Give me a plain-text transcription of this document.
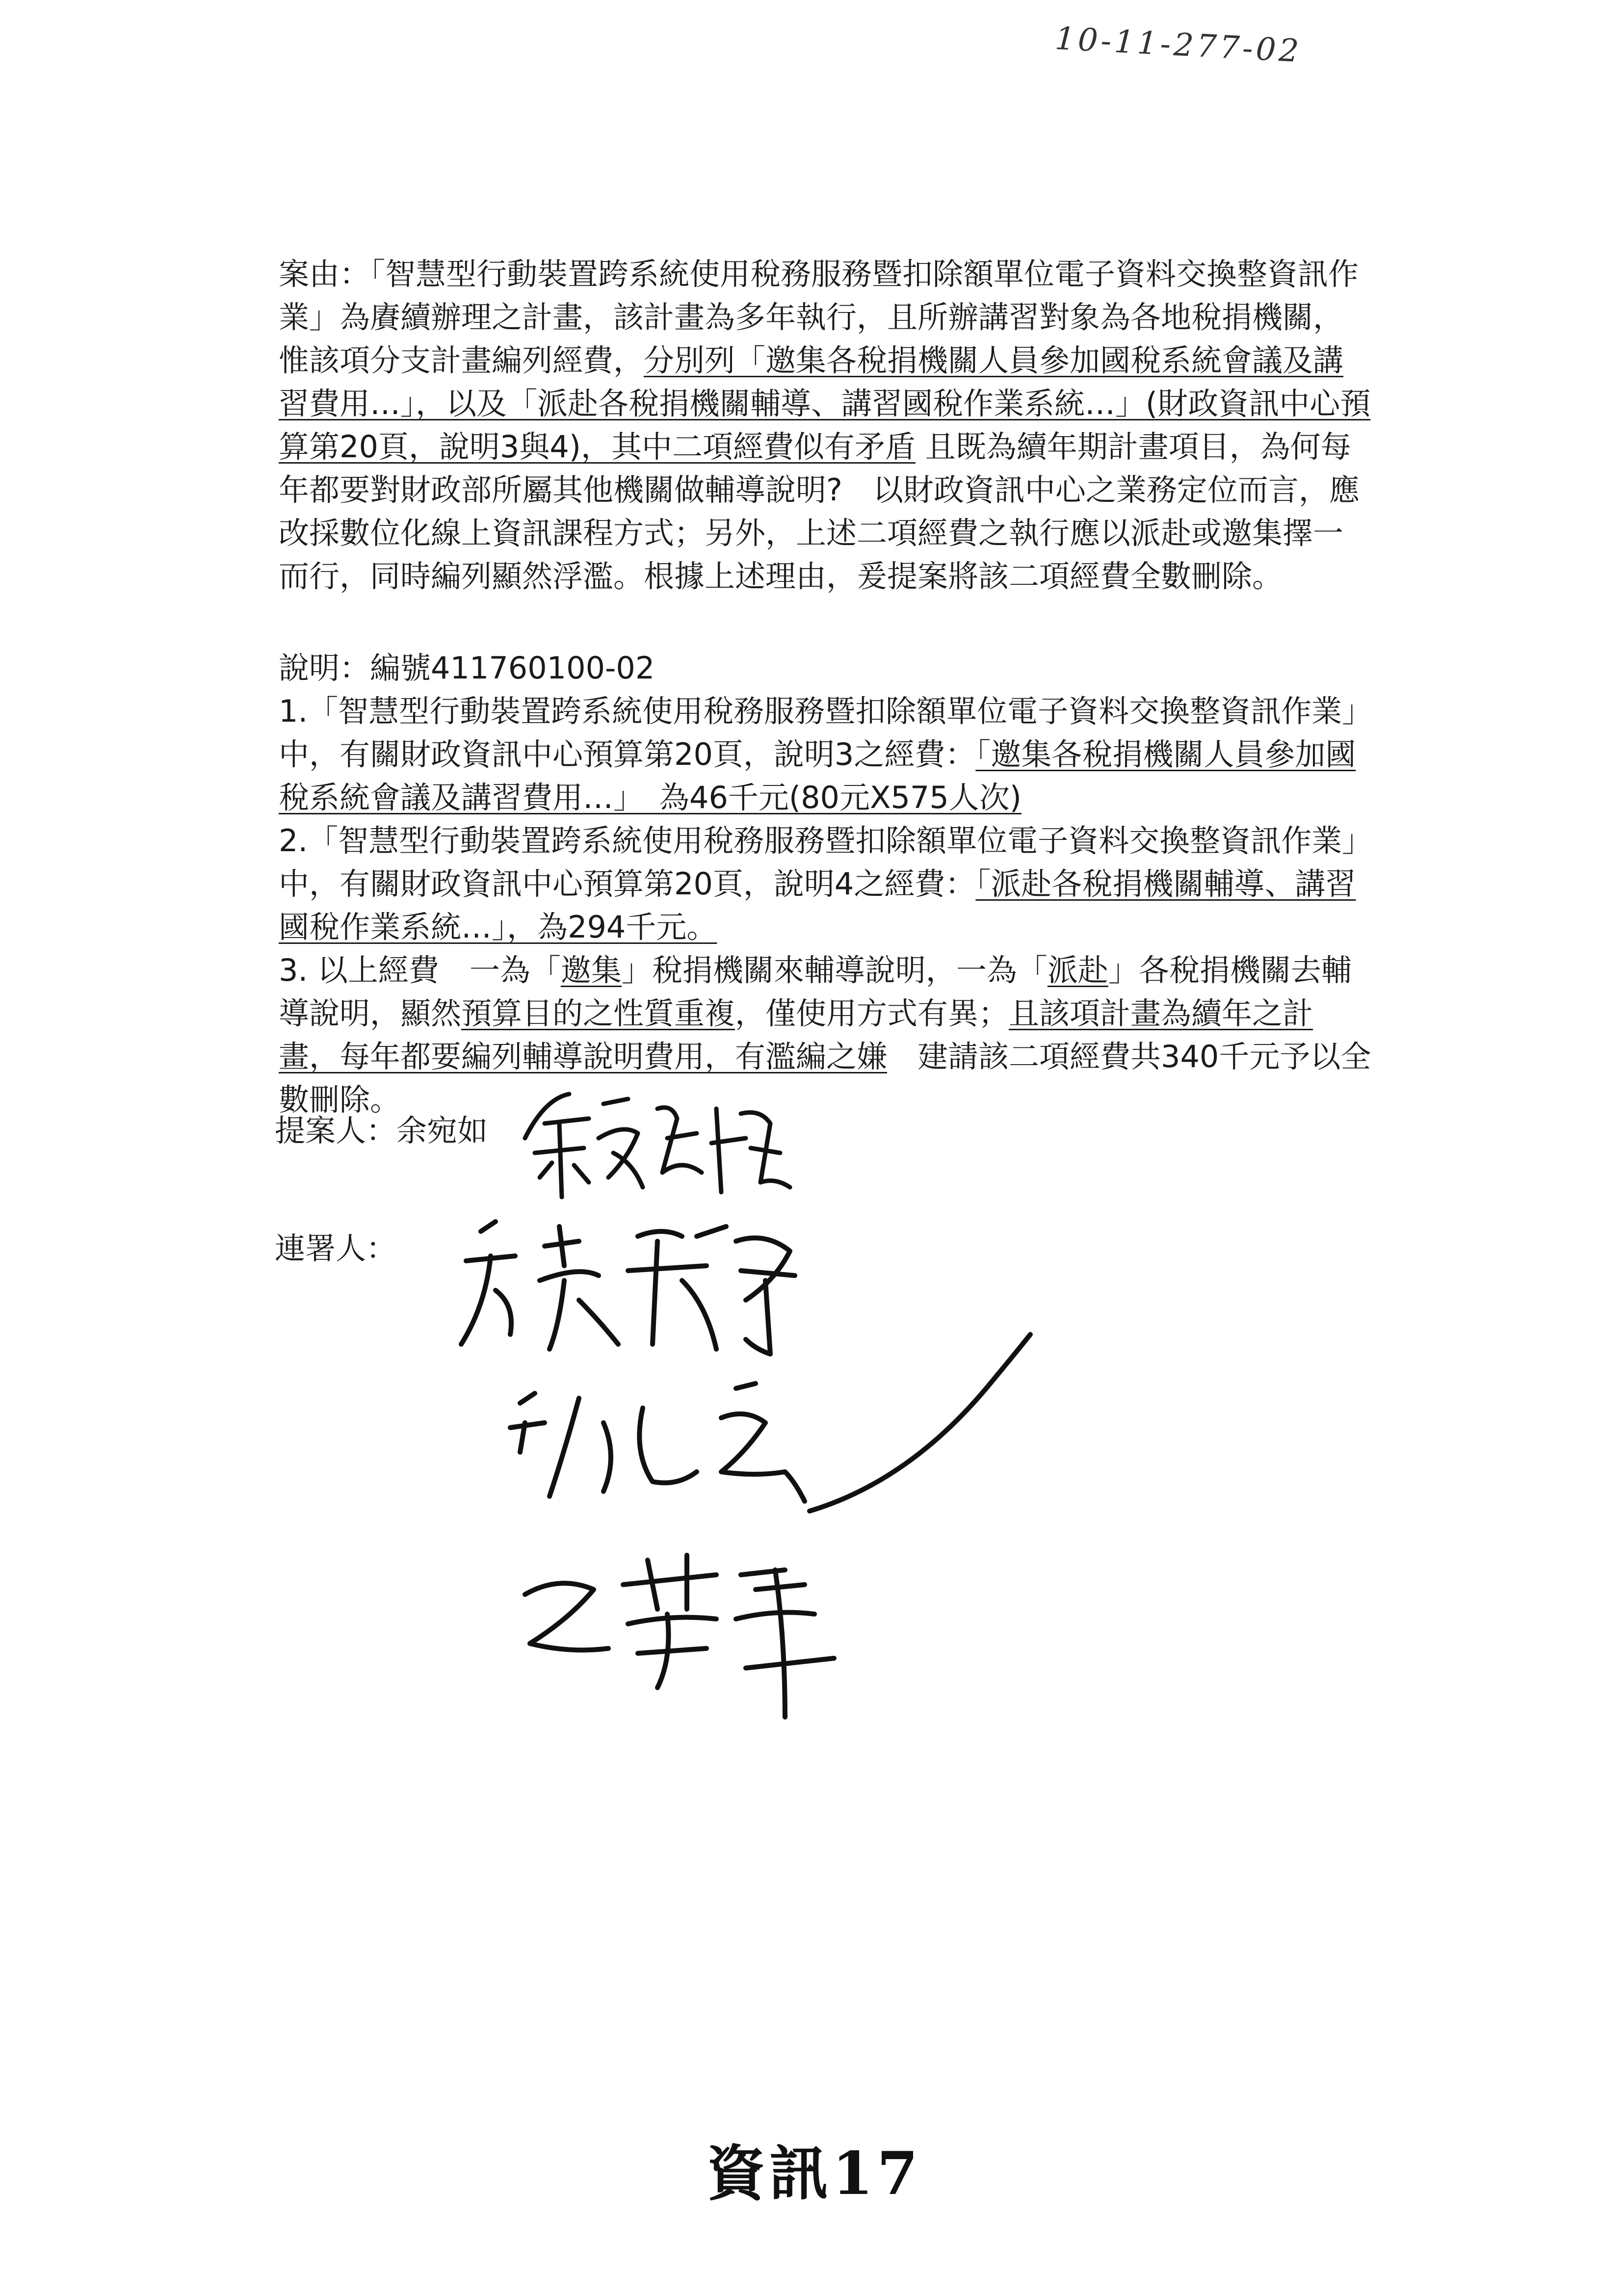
10-11-277-02

案由：「智慧型行動裝置跨系統使用稅務服務暨扣除額單位電子資料交換整資訊作業」為賡續辦理之計畫，該計畫為多年執行，且所辦講習對象為各地稅捐機關，惟該項分支計畫編列經費，分別列「邀集各稅捐機關人員參加國稅系統會議及講習費用…」，以及「派赴各稅捐機關輔導、講習國稅作業系統…」(財政資訊中心預算第20頁，說明3與4)，其中二項經費似有矛盾 且既為續年期計畫項目，為何每年都要對財政部所屬其他機關做輔導說明?　以財政資訊中心之業務定位而言，應改採數位化線上資訊課程方式；另外，上述二項經費之執行應以派赴或邀集擇一而行，同時編列顯然浮濫。根據上述理由，爰提案將該二項經費全數刪除。

說明：編號411760100-02

1.「智慧型行動裝置跨系統使用稅務服務暨扣除額單位電子資料交換整資訊作業」中，有關財政資訊中心預算第20頁，說明3之經費：「邀集各稅捐機關人員參加國稅系統會議及講習費用…」　為46千元(80元X575人次)

2.「智慧型行動裝置跨系統使用稅務服務暨扣除額單位電子資料交換整資訊作業」中，有關財政資訊中心預算第20頁，說明4之經費：「派赴各稅捐機關輔導、講習國稅作業系統…」，為294千元。

3. 以上經費　一為「邀集」稅捐機關來輔導說明，一為「派赴」各稅捐機關去輔導說明，顯然預算目的之性質重複，僅使用方式有異；且該項計畫為續年之計畫，每年都要編列輔導說明費用，有濫編之嫌　建請該二項經費共340千元予以全數刪除。

提案人：余宛如
連署人：
資訊17
